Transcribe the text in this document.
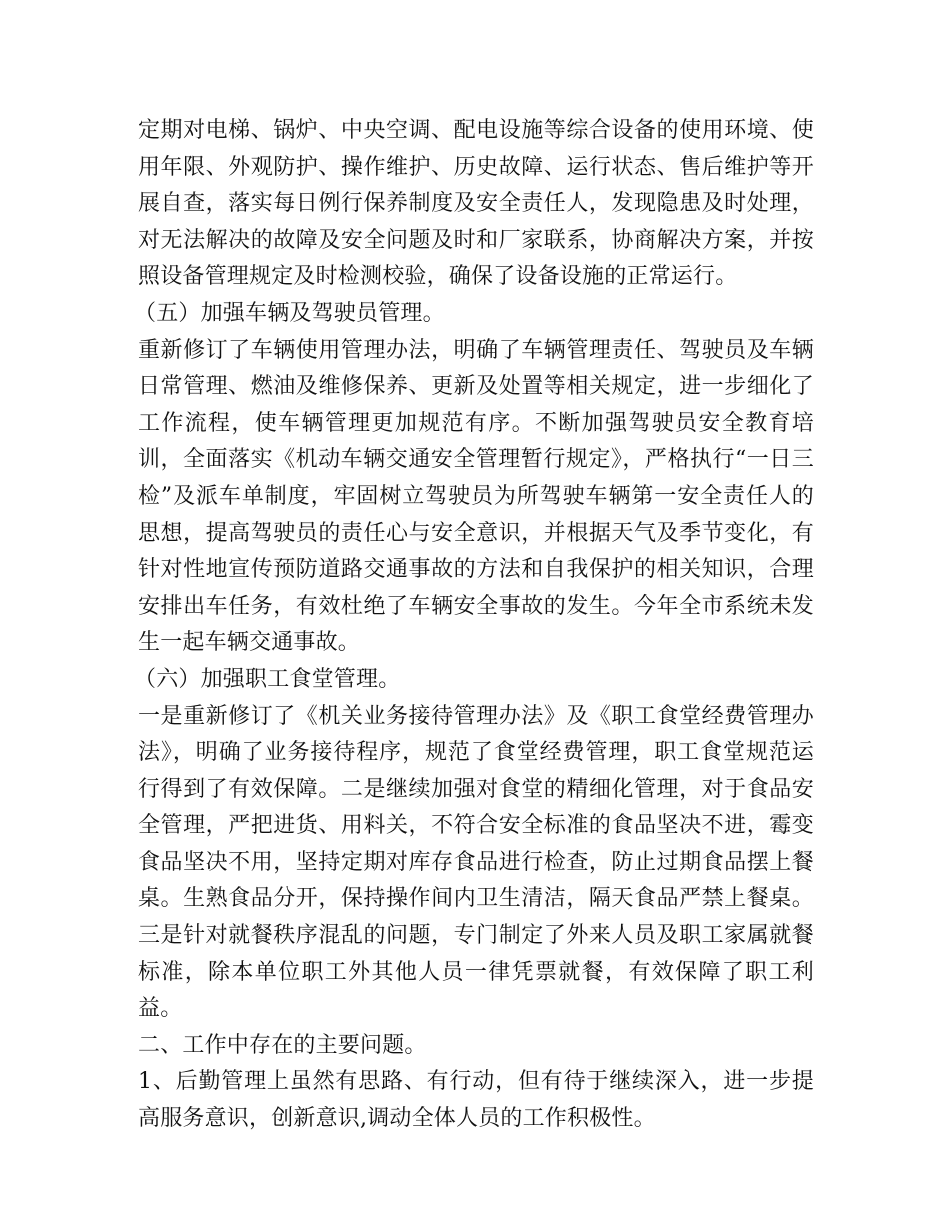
定期对电梯、锅炉、中央空调、配电设施等综合设备的使用环境、使用年限、外观防护、操作维护、历史故障、运行状态、售后维护等开展自查，落实每日例行保养制度及安全责任人，发现隐患及时处理，对无法解决的故障及安全问题及时和厂家联系，协商解决方案，并按照设备管理规定及时检测校验，确保了设备设施的正常运行。

（五）加强车辆及驾驶员管理。

重新修订了车辆使用管理办法，明确了车辆管理责任、驾驶员及车辆日常管理、燃油及维修保养、更新及处置等相关规定，进一步细化了工作流程，使车辆管理更加规范有序。不断加强驾驶员安全教育培训，全面落实《机动车辆交通安全管理暂行规定》，严格执行“一日三检”及派车单制度，牢固树立驾驶员为所驾驶车辆第一安全责任人的思想，提高驾驶员的责任心与安全意识，并根据天气及季节变化，有针对性地宣传预防道路交通事故的方法和自我保护的相关知识，合理安排出车任务，有效杜绝了车辆安全事故的发生。今年全市系统未发生一起车辆交通事故。

（六）加强职工食堂管理。

一是重新修订了《机关业务接待管理办法》及《职工食堂经费管理办法》，明确了业务接待程序，规范了食堂经费管理，职工食堂规范运行得到了有效保障。二是继续加强对食堂的精细化管理，对于食品安全管理，严把进货、用料关，不符合安全标准的食品坚决不进，霉变食品坚决不用，坚持定期对库存食品进行检查，防止过期食品摆上餐桌。生熟食品分开，保持操作间内卫生清洁，隔天食品严禁上餐桌。三是针对就餐秩序混乱的问题，专门制定了外来人员及职工家属就餐标准，除本单位职工外其他人员一律凭票就餐，有效保障了职工利益。

二、工作中存在的主要问题。

1、后勤管理上虽然有思路、有行动，但有待于继续深入，进一步提高服务意识，创新意识,调动全体人员的工作积极性。
